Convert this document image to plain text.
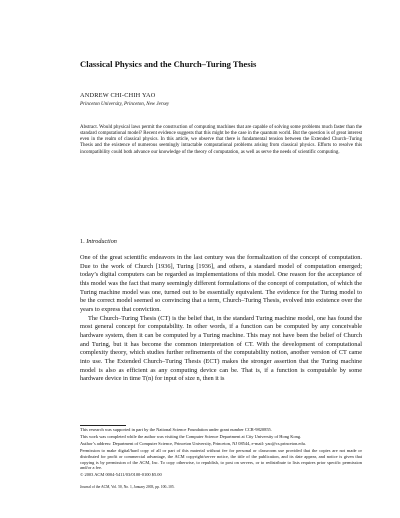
Classical Physics and the Church–Turing Thesis
ANDREW CHI-CHIH YAO
Princeton University, Princeton, New Jersey

Abstract. Would physical laws permit the construction of computing machines that are capable of solving some problems much faster than the standard computational model? Recent evidence suggests that this might be the case in the quantum world. But the question is of great interest even in the realm of classical physics. In this article, we observe that there is fundamental tension between the Extended Church–Turing Thesis and the existence of numerous seemingly intractable computational problems arising from classical physics. Efforts to resolve this incompatibility could both advance our knowledge of the theory of computation, as well as serve the needs of scientific computing.

1. Introduction

One of the great scientific endeavors in the last century was the formalization of the concept of computation. Due to the work of Church [1936], Turing [1936], and others, a standard model of computation emerged; today’s digital computers can be regarded as implementations of this model. One reason for the acceptance of this model was the fact that many seemingly different formulations of the concept of computation, of which the Turing machine model was one, turned out to be essentially equivalent. The evidence for the Turing model to be the correct model seemed so convincing that a term, Church–Turing Thesis, evolved into existence over the years to express that conviction.

The Church–Turing Thesis (CT) is the belief that, in the standard Turing machine model, one has found the most general concept for computability. In other words, if a function can be computed by any conceivable hardware system, then it can be computed by a Turing machine. This may not have been the belief of Church and Turing, but it has become the common interpretation of CT. With the development of computational complexity theory, which studies further refinements of the computability notion, another version of CT came into use. The Extended Church–Turing Thesis (ECT) makes the stronger assertion that the Turing machine model is also as efficient as any computing device can be. That is, if a function is computable by some hardware device in time T(n) for input of size n, then it is

This research was supported in part by the National Science Foundation under grant number CCR-9820855.

This work was completed while the author was visiting the Computer Science Department at City University of Hong Kong.

Author’s address: Department of Computer Science, Princeton University, Princeton, NJ 08544, e-mail: yao@cs.princeton.edu.

Permission to make digital/hard copy of all or part of this material without fee for personal or classroom use provided that the copies are not made or distributed for profit or commercial advantage, the ACM copyright/server notice, the title of the publication, and its date appear, and notice is given that copying is by permission of the ACM, Inc. To copy otherwise, to republish, to post on servers, or to redistribute to lists requires prior specific permission and/or a fee.

© 2003 ACM 0004-5411/03/0100-0100 $5.00

Journal of the ACM, Vol. 50, No. 1, January 2003, pp. 100–105.
